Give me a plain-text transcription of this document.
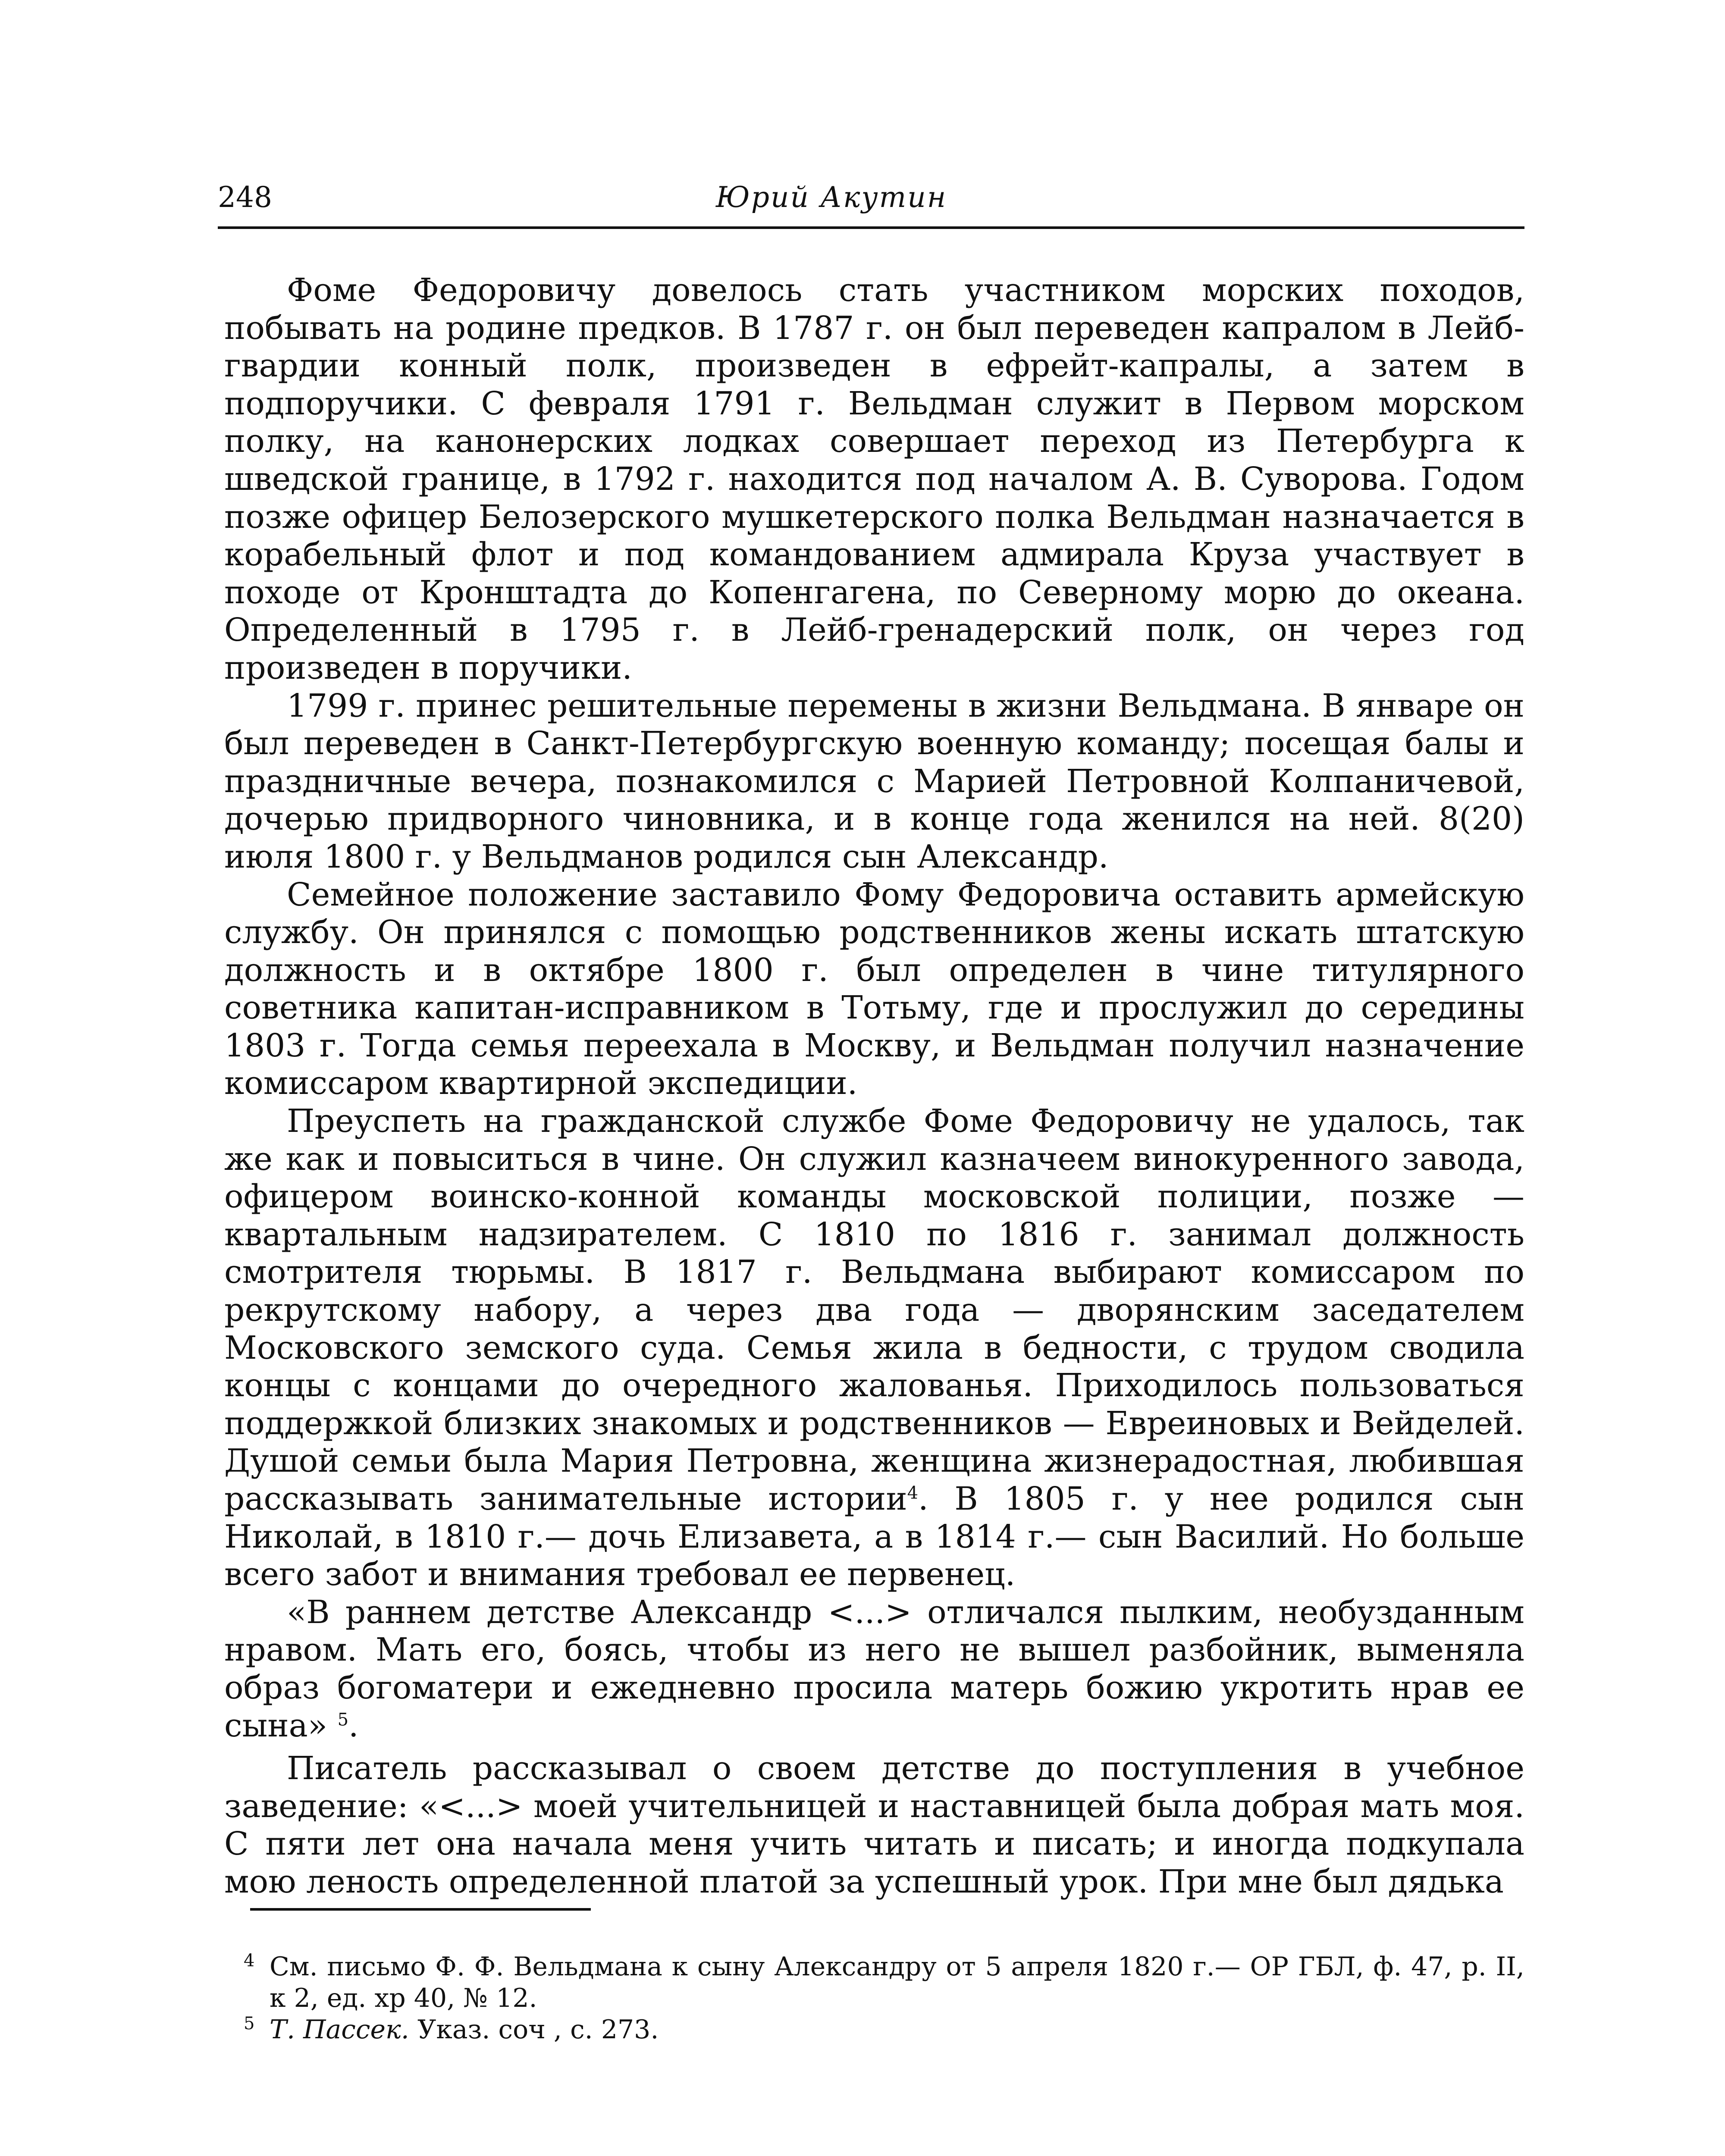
248	Юрий Акутин

Фоме Федоровичу довелось стать участником морских походов, побывать на родине предков. В 1787 г. он был переведен капралом в Лейб-гвардии конный полк, произведен в ефрейт-капралы, а затем в подпоручики. С февраля 1791 г. Вельдман служит в Первом морском полку, на канонерских лодках совершает переход из Петербурга к шведской границе, в 1792 г. находится под началом А. В. Суворова. Годом позже офицер Белозерского мушкетерского полка Вельдман назначается в корабельный флот и под командованием адмирала Круза участвует в походе от Кронштадта до Копенгагена, по Северному морю до океана. Определенный в 1795 г. в Лейб-гренадерский полк, он через год произведен в поручики.

1799 г. принес решительные перемены в жизни Вельдмана. В январе он был переведен в Санкт-Петербургскую военную команду; посещая балы и праздничные вечера, познакомился с Марией Петровной Колпаничевой, дочерью придворного чиновника, и в конце года женился на ней. 8(20) июля 1800 г. у Вельдманов родился сын Александр.

Семейное положение заставило Фому Федоровича оставить армейскую службу. Он принялся с помощью родственников жены искать штатскую должность и в октябре 1800 г. был определен в чине титулярного советника капитан-исправником в Тотьму, где и прослужил до середины 1803 г. Тогда семья переехала в Москву, и Вельдман получил назначение комиссаром квартирной экспедиции.

Преуспеть на гражданской службе Фоме Федоровичу не удалось, так же как и повыситься в чине. Он служил казначеем винокуренного завода, офицером воинско-конной команды московской полиции, позже — квартальным надзирателем. С 1810 по 1816 г. занимал должность смотрителя тюрьмы. В 1817 г. Вельдмана выбирают комиссаром по рекрутскому набору, а через два года — дворянским заседателем Московского земского суда. Семья жила в бедности, с трудом сводила концы с концами до очередного жалованья. Приходилось пользоваться поддержкой близких знакомых и родственников — Евреиновых и Вейделей. Душой семьи была Мария Петровна, женщина жизнерадостная, любившая рассказывать занимательные истории$^4$. В 1805 г. у нее родился сын Николай, в 1810 г.— дочь Елизавета, а в 1814 г.— сын Василий. Но больше всего забот и внимания требовал ее первенец.

«В раннем детстве Александр <...> отличался пылким, необузданным нравом. Мать его, боясь, чтобы из него не вышел разбойник, выменяла образ богоматери и ежедневно просила матерь божию укротить нрав ее сына» $^5$.

Писатель рассказывал о своем детстве до поступления в учебное заведение: «<...> моей учительницей и наставницей была добрая мать моя. С пяти лет она начала меня учить читать и писать; и иногда подкупала мою леность определенной платой за успешный урок. При мне был дядька

$^4$ См. письмо Ф. Ф. Вельдмана к сыну Александру от 5 апреля 1820 г.— ОР ГБЛ, ф. 47, р. II, к 2, ед. хр 40, № 12.

$^5$ Т. Пассек. Указ. соч , с. 273.
